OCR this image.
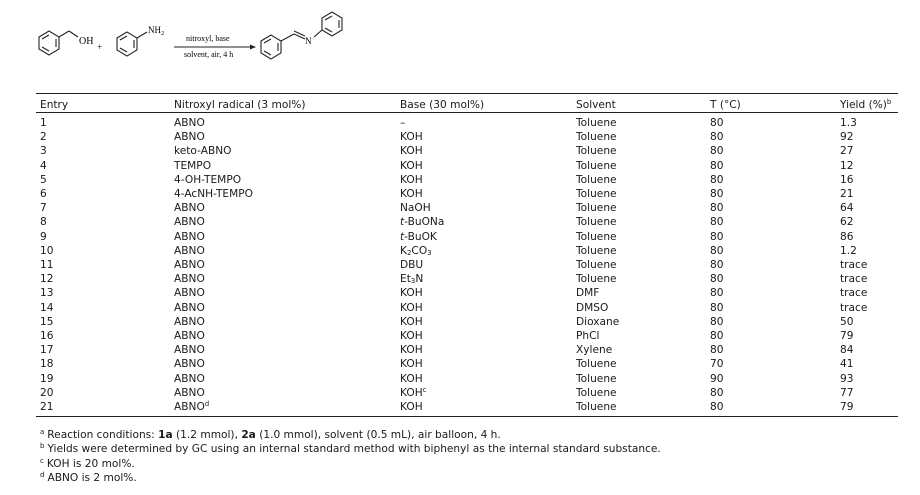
OH +
$NH_2$
nitroxyl, base
solvent, air, 4 h
N
Entry	Nitroxyl radical (3 mol%)	Base (30 mol%)	Solvent	T (°C)	Yield (%)$^b$
1	ABNO	–	Toluene	80	1.3
2	ABNO	KOH	Toluene	80	92
3	keto-ABNO	KOH	Toluene	80	27
4	TEMPO	KOH	Toluene	80	12
5	4-OH-TEMPO	KOH	Toluene	80	16
6	4-AcNH-TEMPO	KOH	Toluene	80	21
7	ABNO	NaOH	Toluene	80	64
8	ABNO	t-BuONa	Toluene	80	62
9	ABNO	t-BuOK	Toluene	80	86
10	ABNO	$K_2CO_3$	Toluene	80	1.2
11	ABNO	DBU	Toluene	80	trace
12	ABNO	$Et_3N$	Toluene	80	trace
13	ABNO	KOH	DMF	80	trace
14	ABNO	KOH	DMSO	80	trace
15	ABNO	KOH	Dioxane	80	50
16	ABNO	KOH	PhCl	80	79
17	ABNO	KOH	Xylene	80	84
18	ABNO	KOH	Toluene	70	41
19	ABNO	KOH	Toluene	90	93
20	ABNO	KOH$^c$	Toluene	80	77
21	ABNO$^d$	KOH	Toluene	80	79
$^a$ Reaction conditions: 1a (1.2 mmol), 2a (1.0 mmol), solvent (0.5 mL), air balloon, 4 h.
$^b$ Yields were determined by GC using an internal standard method with biphenyl as the internal standard substance.
$^c$ KOH is 20 mol%.
$^d$ ABNO is 2 mol%.
